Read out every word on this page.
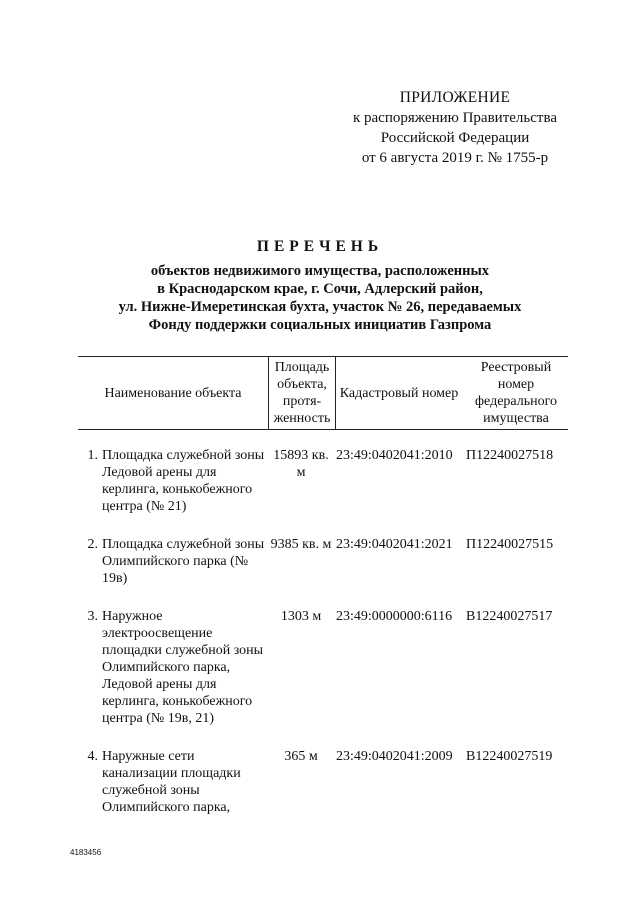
ПРИЛОЖЕНИЕ
к распоряжению Правительства
Российской Федерации
от 6 августа 2019 г. № 1755-р
ПЕРЕЧЕНЬ
объектов недвижимого имущества, расположенных
в Краснодарском крае, г. Сочи, Адлерский район,
ул. Нижне-Имеретинская бухта, участок № 26, передаваемых
Фонду поддержки социальных инициатив Газпрома
Наименование объекта
Площадь объекта, протя-женность
Кадастровый номер
Реестровый номер федерального имущества
1. Площадка служебной зоны Ледовой арены для керлинга, конькобежного центра (№ 21)
15893 кв. м
23:49:0402041:2010 П12240027518
2. Площадка служебной зоны Олимпийского парка (№ 19в)
9385 кв. м 23:49:0402041:2021 П12240027515
3. Наружное электроосвещение площадки служебной зоны Олимпийского парка, Ледовой арены для керлинга, конькобежного центра (№ 19в, 21)
1303 м	23:49:0000000:6116 В12240027517
4. Наружные сети канализации площадки служебной зоны Олимпийского парка,
365 м	23:49:0402041:2009 В12240027519
4183456
